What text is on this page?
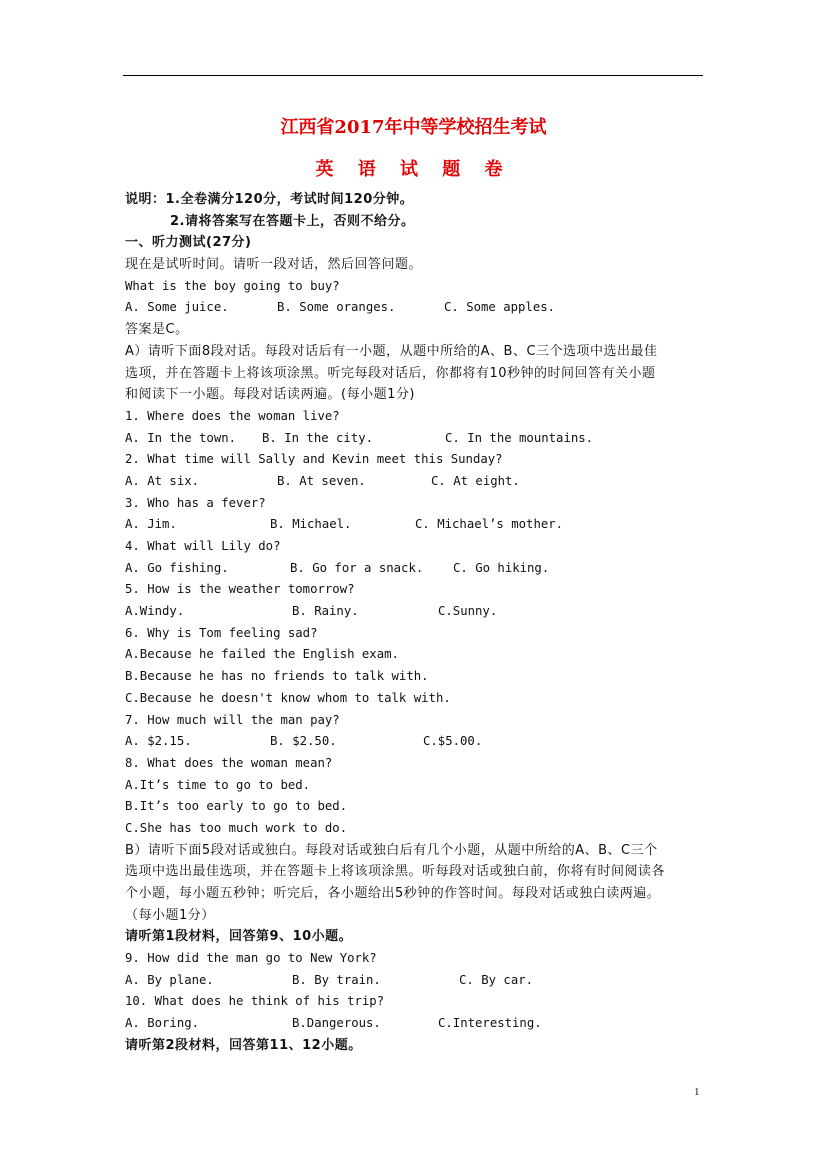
江西省2017年中等学校招生考试
英 语 试 题 卷
说明：1.全卷满分120分，考试时间120分钟。
2.请将答案写在答题卡上，否则不给分。
一、听力测试(27分)
现在是试听时间。请听一段对话，然后回答问题。
What is the boy going to buy?
A. Some juice.	B. Some oranges.	C. Some apples.
答案是C。
A）请听下面8段对话。每段对话后有一小题，从题中所给的A、B、C三个选项中选出最佳
选项，并在答题卡上将该项涂黑。听完每段对话后，你都将有10秒钟的时间回答有关小题
和阅读下一小题。每段对话读两遍。(每小题1分)
1. Where does the woman live?
A. In the town. B. In the city.	C. In the mountains.
2. What time will Sally and Kevin meet this Sunday?
A. At six.	B. At seven.	C. At eight.
3. Who has a fever?
A. Jim.	B. Michael.	C. Michael’s mother.
4. What will Lily do?
A. Go fishing.	B. Go for a snack. C. Go hiking.
5. How is the weather tomorrow?
A.Windy.	B. Rainy.	C.Sunny.
6. Why is Tom feeling sad?
A.Because he failed the English exam.
B.Because he has no friends to talk with.
C.Because he doesn't know whom to talk with.
7. How much will the man pay?
A. $2.15.	B. $2.50.	C.$5.00.
8. What does the woman mean?
A.It’s time to go to bed.
B.It’s too early to go to bed.
C.She has too much work to do.
B）请听下面5段对话或独白。每段对话或独白后有几个小题，从题中所给的A、B、C三个
选项中选出最佳选项，并在答题卡上将该项涂黑。听每段对话或独白前，你将有时间阅读各
个小题，每小题五秒钟；听完后，各小题给出5秒钟的作答时间。每段对话或独白读两遍。
（每小题1分）
请听第1段材料，回答第9、10小题。
9. How did the man go to New York?
A. By plane.	B. By train.	C. By car.
10. What does he think of his trip?
A. Boring.	B.Dangerous.	C.Interesting.
请听第2段材料，回答第11、12小题。
1
